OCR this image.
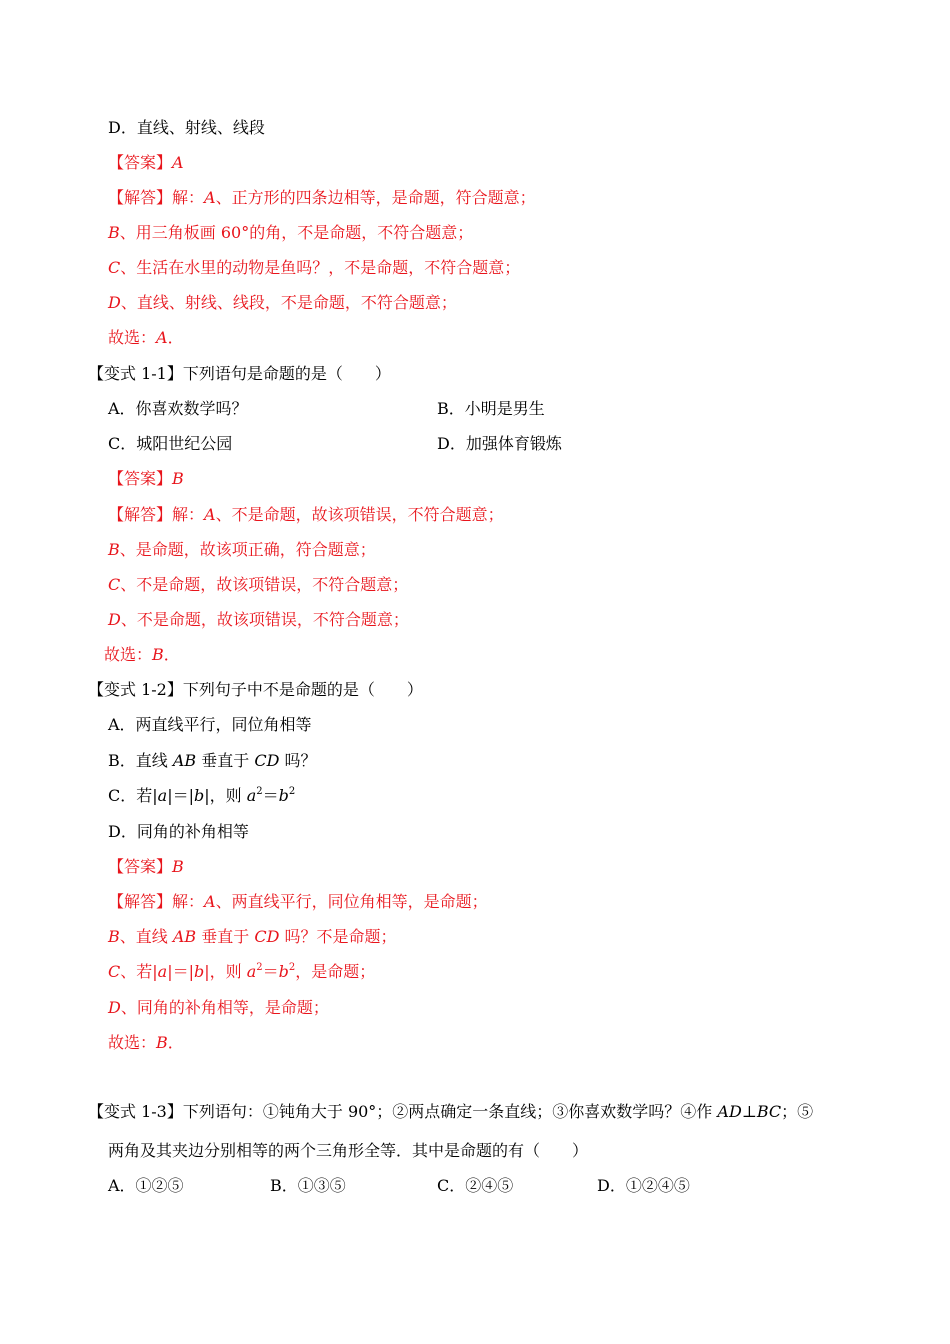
D．直线、射线、线段
【答案】A
【解答】解：A、正方形的四条边相等，是命题，符合题意；
B、用三角板画 60°的角，不是命题，不符合题意；
C、生活在水里的动物是鱼吗？，不是命题，不符合题意；
D、直线、射线、线段，不是命题，不符合题意；
故选：A．
【变式 1-1】下列语句是命题的是（　　）
A．你喜欢数学吗？	B．小明是男生
C．城阳世纪公园	D．加强体育锻炼
【答案】B
【解答】解：A、不是命题，故该项错误，不符合题意；
B、是命题，故该项正确，符合题意；
C、不是命题，故该项错误，不符合题意；
D、不是命题，故该项错误，不符合题意；
故选：B．
【变式 1-2】下列句子中不是命题的是（　　）
A．两直线平行，同位角相等
B．直线 AB 垂直于 CD 吗？
C．若|a|＝|b|，则 $a^2=b^2$
D．同角的补角相等
【答案】B
【解答】解：A、两直线平行，同位角相等，是命题；
B、直线 AB 垂直于 CD 吗？不是命题；
C、若|a|＝|b|，则 $a^2=b^2$，是命题；
D、同角的补角相等，是命题；
故选：B．
【变式 1-3】下列语句：①钝角大于 90°；②两点确定一条直线；③你喜欢数学吗？④作 AD⊥BC；⑤
两角及其夹边分别相等的两个三角形全等．其中是命题的有（　　）
A．①②⑤	B．①③⑤	C．②④⑤	D．①②④⑤
